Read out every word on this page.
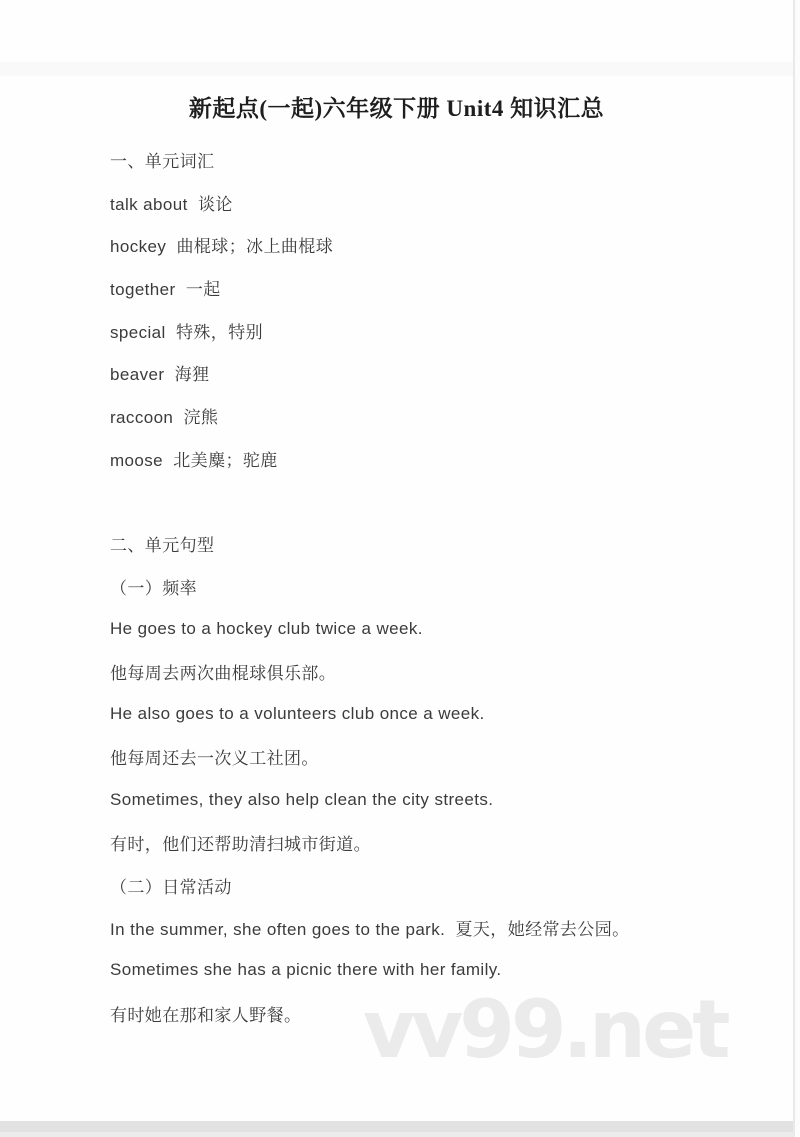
新起点(一起)六年级下册 Unit4 知识汇总
一、单元词汇
talk about  谈论
hockey  曲棍球；冰上曲棍球
together  一起
special  特殊，特别
beaver  海狸
raccoon  浣熊
moose  北美麋；驼鹿
二、单元句型
（一）频率
He goes to a hockey club twice a week.
他每周去两次曲棍球俱乐部。
He also goes to a volunteers club once a week.
他每周还去一次义工社团。
Sometimes, they also help clean the city streets.
有时，他们还帮助清扫城市街道。
（二）日常活动
In the summer, she often goes to the park.  夏天，她经常去公园。
Sometimes she has a picnic there with her family.
有时她在那和家人野餐。 vv99.net
